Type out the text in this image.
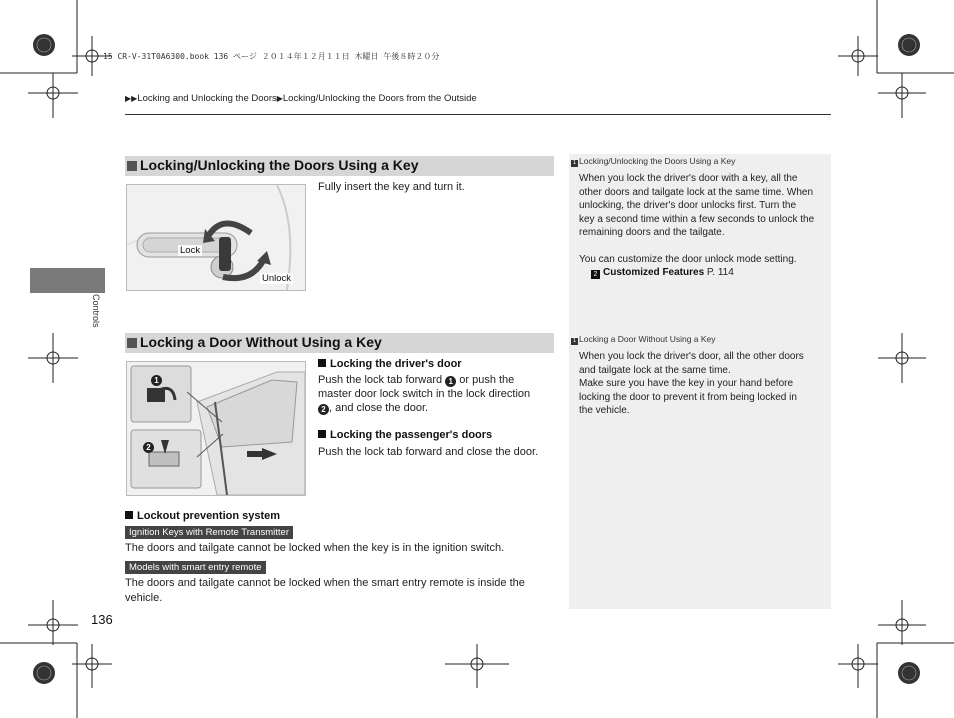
15 CR-V-31T0A6300.book 136 ページ ２０１４年１２月１１日 木曜日 午後８時２０分
▶▶Locking and Unlocking the Doors▶Locking/Unlocking the Doors from the Outside
Controls
1 Locking/Unlocking the Doors Using a Key
When you lock the driver's door with a key, all the
other doors and tailgate lock at the same time. When
unlocking, the driver's door unlocks first. Turn the
key a second time within a few seconds to unlock the
remaining doors and the tailgate.
You can customize the door unlock mode setting.
2 Customized Features P. 114
1 Locking a Door Without Using a Key
When you lock the driver's door, all the other doors
and tailgate lock at the same time.
Make sure you have the key in your hand before
locking the door to prevent it from being locked in
the vehicle.
Locking/Unlocking the Doors Using a Key
Lock
Unlock
Fully insert the key and turn it.
Locking a Door Without Using a Key
1
2
Locking the driver's door
Push the lock tab forward 1 or push the
master door lock switch in the lock direction
2 , and close the door.
Locking the passenger's doors
Push the lock tab forward and close the door.
Lockout prevention system
Ignition Keys with Remote Transmitter
The doors and tailgate cannot be locked when the key is in the ignition switch.
Models with smart entry remote
The doors and tailgate cannot be locked when the smart entry remote is inside the
vehicle.
136
